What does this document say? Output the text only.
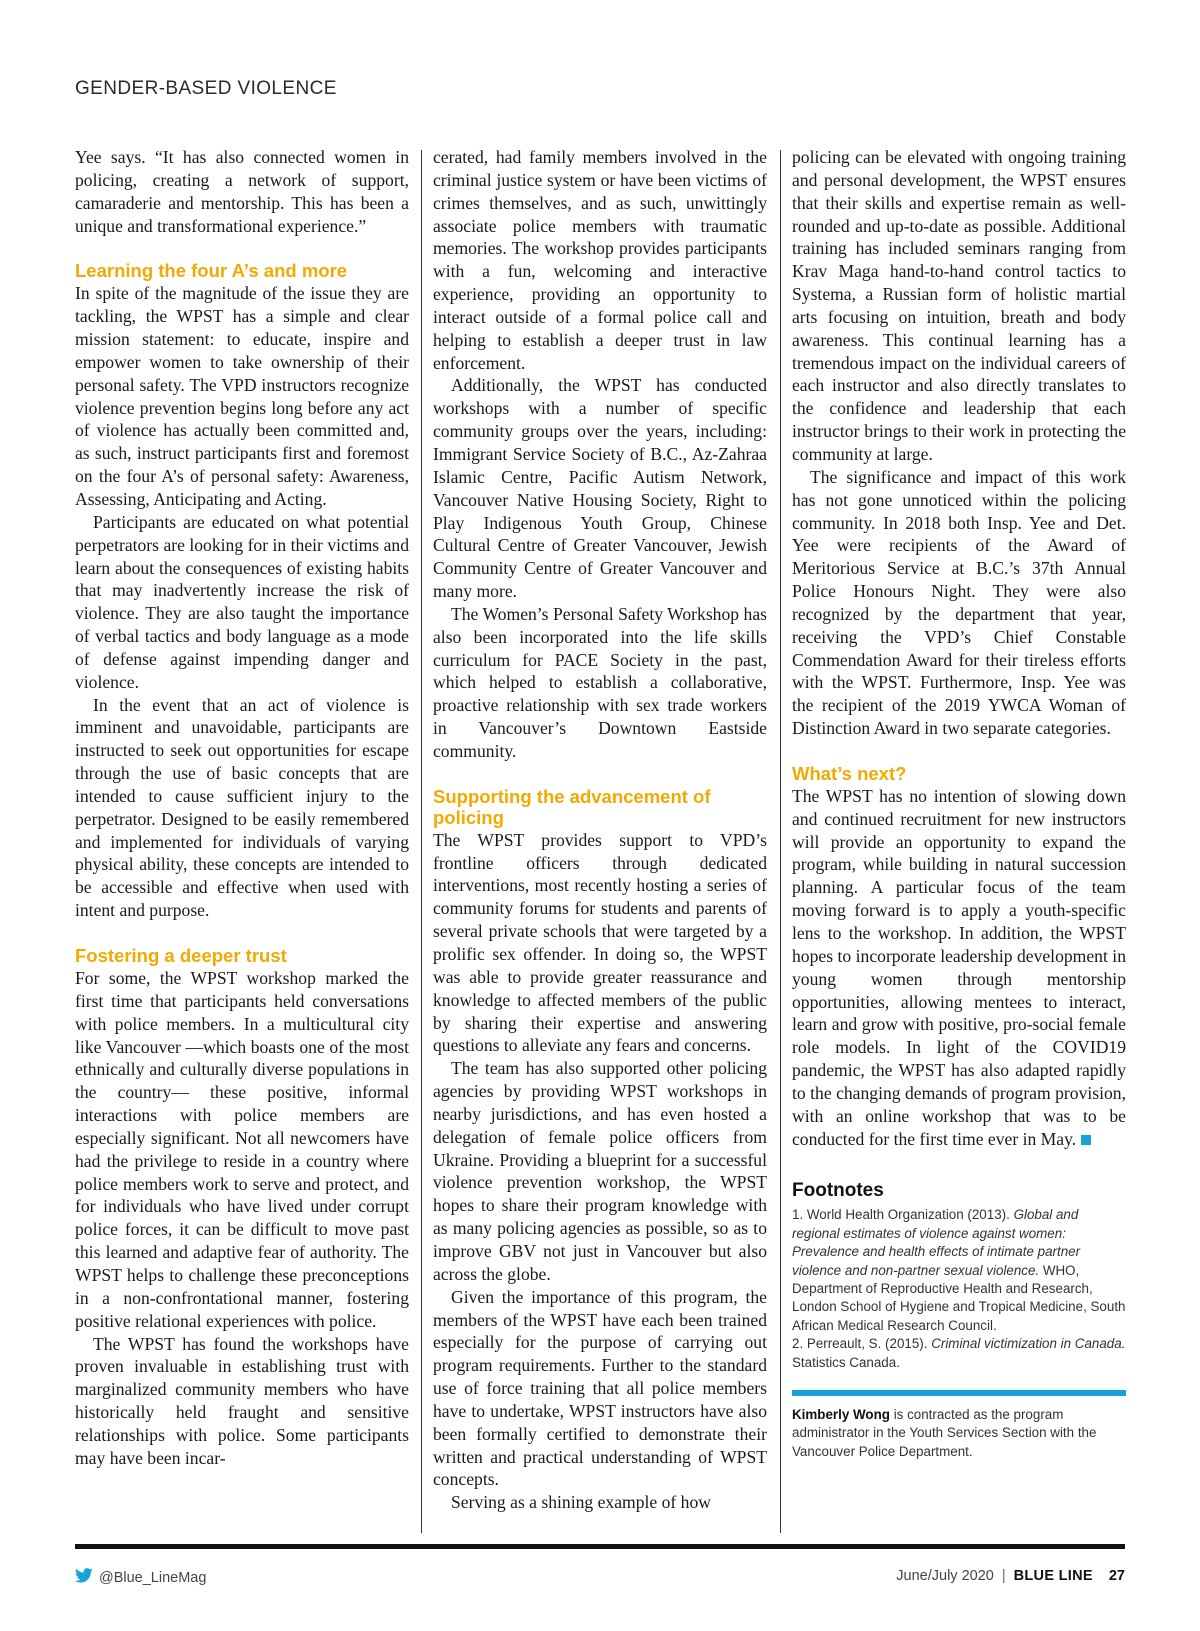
GENDER-BASED VIOLENCE

Yee says. “It has also connected women in policing, creating a network of support, camaraderie and mentorship. This has been a unique and transformational experience.”

Learning the four A’s and more

In spite of the magnitude of the issue they are tackling, the WPST has a simple and clear mission statement: to educate, inspire and empower women to take ownership of their personal safety. The VPD instructors recognize violence prevention begins long before any act of violence has actually been committed and, as such, instruct participants first and foremost on the four A’s of personal safety: Awareness, Assessing, Anticipating and Acting.

Participants are educated on what potential perpetrators are looking for in their victims and learn about the consequences of existing habits that may inadvertently increase the risk of violence. They are also taught the importance of verbal tactics and body language as a mode of defense against impending danger and violence.

In the event that an act of violence is imminent and unavoidable, participants are instructed to seek out opportunities for escape through the use of basic concepts that are intended to cause sufficient injury to the perpetrator. Designed to be easily remembered and implemented for individuals of varying physical ability, these concepts are intended to be accessible and effective when used with intent and purpose.

Fostering a deeper trust

For some, the WPST workshop marked the first time that participants held conversations with police members. In a multicultural city like Vancouver —which boasts one of the most ethnically and culturally diverse populations in the country— these positive, informal interactions with police members are especially significant. Not all newcomers have had the privilege to reside in a country where police members work to serve and protect, and for individuals who have lived under corrupt police forces, it can be difficult to move past this learned and adaptive fear of authority. The WPST helps to challenge these preconceptions in a non-confrontational manner, fostering positive relational experiences with police.

The WPST has found the workshops have proven invaluable in establishing trust with marginalized community members who have historically held fraught and sensitive relationships with police. Some participants may have been incar-

cerated, had family members involved in the criminal justice system or have been victims of crimes themselves, and as such, unwittingly associate police members with traumatic memories. The workshop provides participants with a fun, welcoming and interactive experience, providing an opportunity to interact outside of a formal police call and helping to establish a deeper trust in law enforcement.

Additionally, the WPST has conducted workshops with a number of specific community groups over the years, including: Immigrant Service Society of B.C., Az-Zahraa Islamic Centre, Pacific Autism Network, Vancouver Native Housing Society, Right to Play Indigenous Youth Group, Chinese Cultural Centre of Greater Vancouver, Jewish Community Centre of Greater Vancouver and many more.

The Women’s Personal Safety Workshop has also been incorporated into the life skills curriculum for PACE Society in the past, which helped to establish a collaborative, proactive relationship with sex trade workers in Vancouver’s Downtown Eastside community.

Supporting the advancement of policing

The WPST provides support to VPD’s frontline officers through dedicated interventions, most recently hosting a series of community forums for students and parents of several private schools that were targeted by a prolific sex offender. In doing so, the WPST was able to provide greater reassurance and knowledge to affected members of the public by sharing their expertise and answering questions to alleviate any fears and concerns.

The team has also supported other policing agencies by providing WPST workshops in nearby jurisdictions, and has even hosted a delegation of female police officers from Ukraine. Providing a blueprint for a successful violence prevention workshop, the WPST hopes to share their program knowledge with as many policing agencies as possible, so as to improve GBV not just in Vancouver but also across the globe.

Given the importance of this program, the members of the WPST have each been trained especially for the purpose of carrying out program requirements. Further to the standard use of force training that all police members have to undertake, WPST instructors have also been formally certified to demonstrate their written and practical understanding of WPST concepts.

Serving as a shining example of how

policing can be elevated with ongoing training and personal development, the WPST ensures that their skills and expertise remain as well-rounded and up-to-date as possible. Additional training has included seminars ranging from Krav Maga hand-to-hand control tactics to Systema, a Russian form of holistic martial arts focusing on intuition, breath and body awareness. This continual learning has a tremendous impact on the individual careers of each instructor and also directly translates to the confidence and leadership that each instructor brings to their work in protecting the community at large.

The significance and impact of this work has not gone unnoticed within the policing community. In 2018 both Insp. Yee and Det. Yee were recipients of the Award of Meritorious Service at B.C.’s 37th Annual Police Honours Night. They were also recognized by the department that year, receiving the VPD’s Chief Constable Commendation Award for their tireless efforts with the WPST. Furthermore, Insp. Yee was the recipient of the 2019 YWCA Woman of Distinction Award in two separate categories.

What’s next?

The WPST has no intention of slowing down and continued recruitment for new instructors will provide an opportunity to expand the program, while building in natural succession planning. A particular focus of the team moving forward is to apply a youth-specific lens to the workshop. In addition, the WPST hopes to incorporate leadership development in young women through mentorship opportunities, allowing mentees to interact, learn and grow with positive, pro-social female role models. In light of the COVID19 pandemic, the WPST has also adapted rapidly to the changing demands of program provision, with an online workshop that was to be conducted for the first time ever in May.

Footnotes

1. World Health Organization (2013). Global and regional estimates of violence against women: Prevalence and health effects of intimate partner violence and non-partner sexual violence. WHO, Department of Reproductive Health and Research, London School of Hygiene and Tropical Medicine, South African Medical Research Council.

2. Perreault, S. (2015). Criminal victimization in Canada. Statistics Canada.

Kimberly Wong is contracted as the program administrator in the Youth Services Section with the Vancouver Police Department.

@Blue_LineMag	June/July 2020 | BLUE LINE 27
